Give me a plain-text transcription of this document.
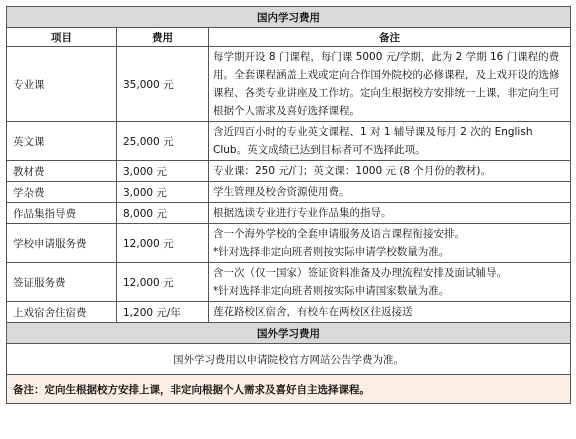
国内学习费用		
项目	费用	备注
专业课	35,000 元	每学期开设 8 门课程，每门课 5000 元/学期，此为 2 学期 16 门课程的费用。全套课程涵盖上戏或定向合作国外院校的必修课程，及上戏开设的选修课程、各类专业讲座及工作坊。定向生根据校方安排统一上课，非定向生可根据个人需求及喜好选择课程。

英文课	25,000 元	含近四百小时的专业英文课程、1 对 1 辅导课及每月 2 次的 English Club。英文成绩已达到目标者可不选择此项。

教材费	3,000 元	专业课：250 元/门；英文课：1000 元 (8 个月份的教材)。

学杂费	3,000 元	学生管理及校舍资源使用费。

作品集指导费	8,000 元	根据选读专业进行专业作品集的指导。

学校申请服务费	12,000 元	含一个海外学校的全套申请服务及语言课程衔接安排。
*针对选择非定向班者则按实际申请学校数量为准。

签证服务费	12,000 元	含一次（仅一国家）签证资料准备及办理流程安排及面试辅导。
*针对选择非定向班者则按实际申请国家数量为准。

上戏宿舍住宿费	1,200 元/年	莲花路校区宿舍，有校车在两校区往返接送

国外学习费用		
国外学习费用以申请院校官方网站公告学费为准。		
备注：定向生根据校方安排上课，非定向根据个人需求及喜好自主选择课程。		
